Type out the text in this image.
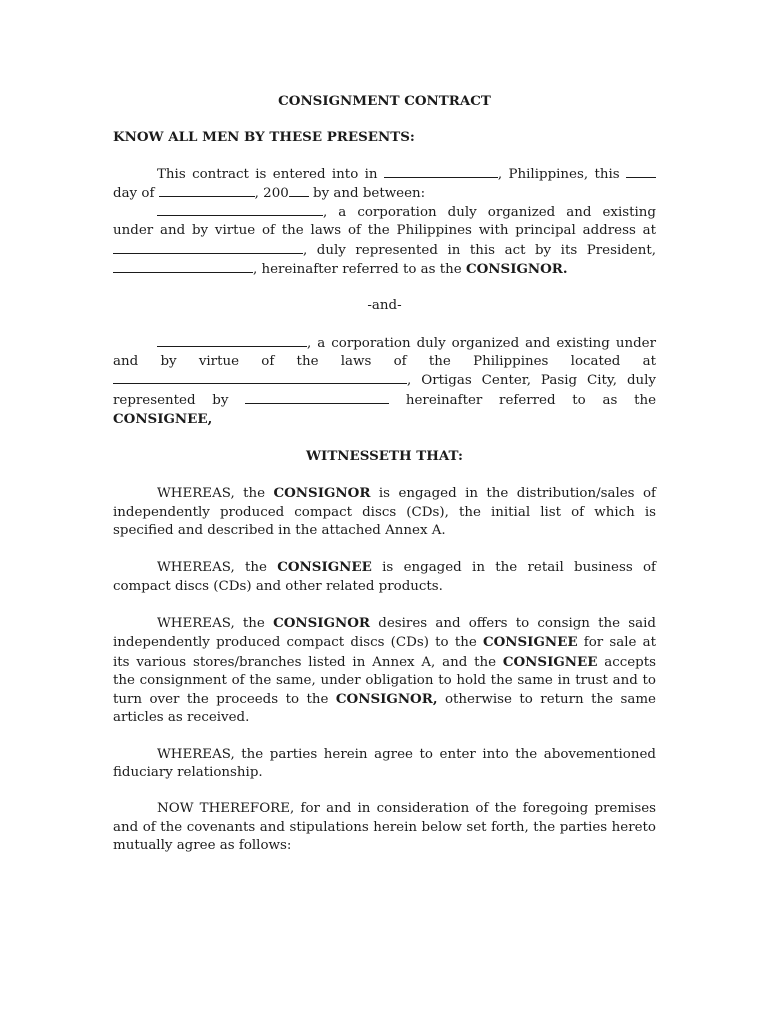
CONSIGNMENT CONTRACT

KNOW ALL MEN BY THESE PRESENTS:

This contract is entered into in	, Philippines, this  day of	, 200 by and between:

, a corporation duly organized and existing under and by virtue of the laws of the Philippines with principal address at , duly represented in this act by its President, , hereinafter referred to as the CONSIGNOR.

-and-

, a corporation duly organized and existing under and by virtue of the laws of the Philippines located at , Ortigas Center, Pasig City, duly represented by	hereinafter referred to as the CONSIGNEE,

WITNESSETH THAT:

WHEREAS, the CONSIGNOR is engaged in the distribution/sales of independently produced compact discs (CDs), the initial list of which is specified and described in the attached Annex A.

WHEREAS, the CONSIGNEE is engaged in the retail business of compact discs (CDs) and other related products.

WHEREAS, the CONSIGNOR desires and offers to consign the said independently produced compact discs (CDs) to the CONSIGNEE for sale at its various stores/branches listed in Annex A, and the CONSIGNEE accepts the consignment of the same, under obligation to hold the same in trust and to turn over the proceeds to the CONSIGNOR, otherwise to return the same articles as received.

WHEREAS, the parties herein agree to enter into the abovementioned fiduciary relationship.

NOW THEREFORE, for and in consideration of the foregoing premises and of the covenants and stipulations herein below set forth, the parties hereto mutually agree as follows:
